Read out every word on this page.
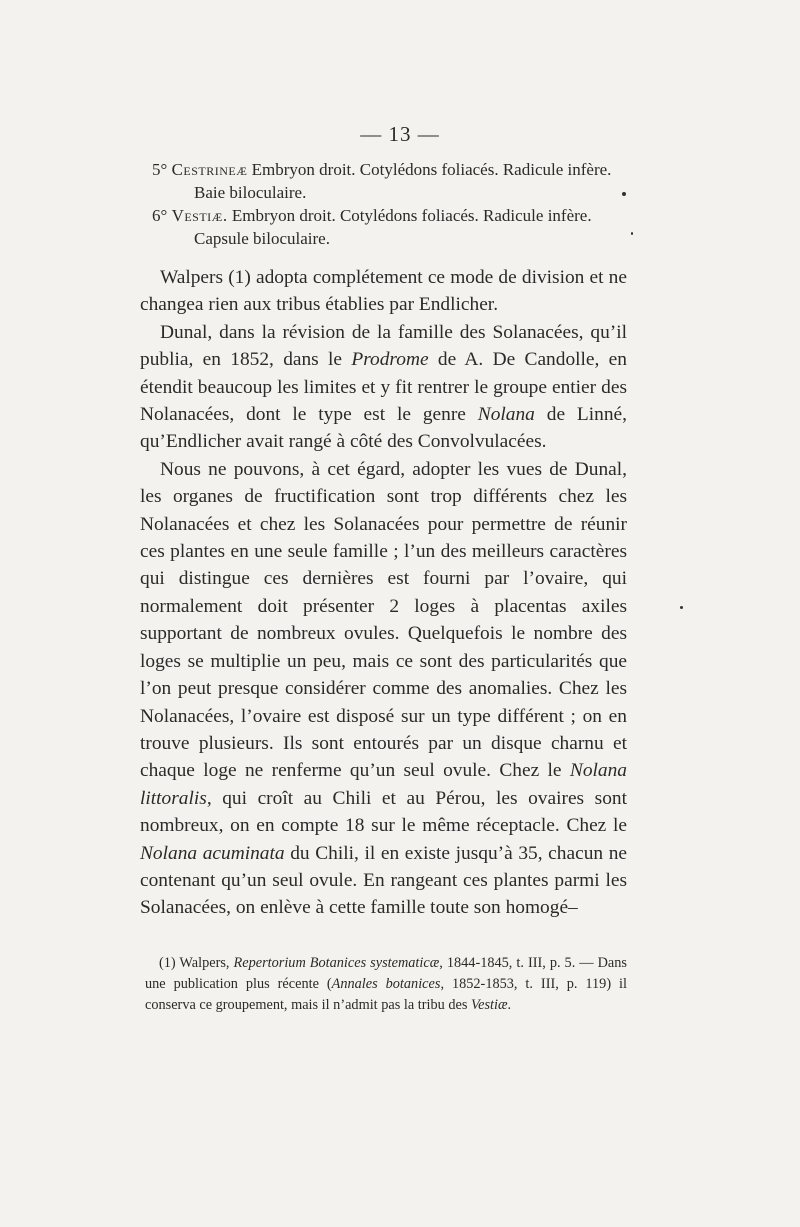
— 13 —

5° Cestrineæ Embryon droit. Cotylédons foliacés. Radicule infère. Baie biloculaire.

6° Vestiæ. Embryon droit. Cotylédons foliacés. Radicule infère. Capsule biloculaire.

Walpers (1) adopta complétement ce mode de division et ne changea rien aux tribus établies par Endlicher.

Dunal, dans la révision de la famille des Solanacées, qu’il publia, en 1852, dans le Prodrome de A. De Candolle, en étendit beaucoup les limites et y fit rentrer le groupe entier des Nolanacées, dont le type est le genre Nolana de Linné, qu’Endlicher avait rangé à côté des Convolvulacées.

Nous ne pouvons, à cet égard, adopter les vues de Dunal, les organes de fructification sont trop différents chez les Nolanacées et chez les Solanacées pour permettre de réunir ces plantes en une seule famille ; l’un des meilleurs caractères qui distingue ces dernières est fourni par l’ovaire, qui normalement doit présenter 2 loges à placentas axiles supportant de nombreux ovules. Quelquefois le nombre des loges se multiplie un peu, mais ce sont des particularités que l’on peut presque considérer comme des anomalies. Chez les Nolanacées, l’ovaire est disposé sur un type différent ; on en trouve plusieurs. Ils sont entourés par un disque charnu et chaque loge ne renferme qu’un seul ovule. Chez le Nolana littoralis, qui croît au Chili et au Pérou, les ovaires sont nombreux, on en compte 18 sur le même réceptacle. Chez le Nolana acuminata du Chili, il en existe jusqu’à 35, chacun ne contenant qu’un seul ovule. En rangeant ces plantes parmi les Solanacées, on enlève à cette famille toute son homogé–

(1) Walpers, Repertorium Botanices systematicæ, 1844-1845, t. III, p. 5. — Dans une publication plus récente (Annales botanices, 1852-1853, t. III, p. 119) il conserva ce groupement, mais il n’admit pas la tribu des Vestiæ.
